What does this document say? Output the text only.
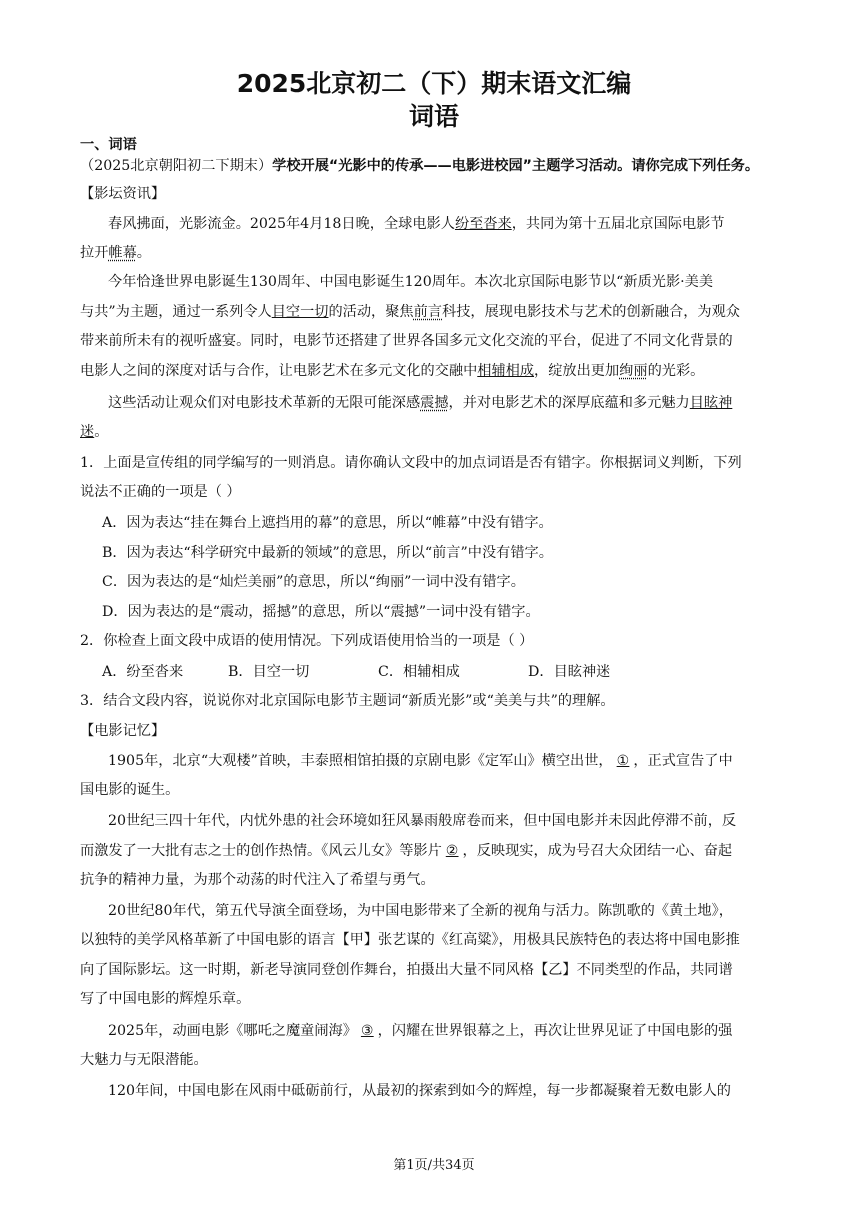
2025北京初二（下）期末语文汇编
词语
一、词语
（2025北京朝阳初二下期末）学校开展“光影中的传承——电影进校园”主题学习活动。请你完成下列任务。
【影坛资讯】
春风拂面，光影流金。2025年4月18日晚，全球电影人纷至沓来，共同为第十五届北京国际电影节
拉开帷幕。
今年恰逢世界电影诞生130周年、中国电影诞生120周年。本次北京国际电影节以“新质光影·美美
与共”为主题，通过一系列令人目空一切的活动，聚焦前言科技，展现电影技术与艺术的创新融合，为观众
带来前所未有的视听盛宴。同时，电影节还搭建了世界各国多元文化交流的平台，促进了不同文化背景的
电影人之间的深度对话与合作，让电影艺术在多元文化的交融中相辅相成，绽放出更加绚丽的光彩。
这些活动让观众们对电影技术革新的无限可能深感震撼，并对电影艺术的深厚底蕴和多元魅力目眩神
迷。
1．上面是宣传组的同学编写的一则消息。请你确认文段中的加点词语是否有错字。你根据词义判断，下列
说法不正确的一项是（ ）
A．因为表达“挂在舞台上遮挡用的幕”的意思，所以“帷幕”中没有错字。
B．因为表达“科学研究中最新的领域”的意思，所以“前言”中没有错字。
C．因为表达的是“灿烂美丽”的意思，所以“绚丽”一词中没有错字。
D．因为表达的是“震动，摇撼”的意思，所以“震撼”一词中没有错字。
2．你检查上面文段中成语的使用情况。下列成语使用恰当的一项是（ ）
A．纷至沓来	B．目空一切	C．相辅相成	D．目眩神迷
3．结合文段内容，说说你对北京国际电影节主题词“新质光影”或“美美与共”的理解。
【电影记忆】
1905年，北京“大观楼”首映，丰泰照相馆拍摄的京剧电影《定军山》横空出世， ① ，正式宣告了中
国电影的诞生。
20世纪三四十年代，内忧外患的社会环境如狂风暴雨般席卷而来，但中国电影并未因此停滞不前，反
而激发了一大批有志之士的创作热情。《风云儿女》等影片 ② ，反映现实，成为号召大众团结一心、奋起
抗争的精神力量，为那个动荡的时代注入了希望与勇气。
20世纪80年代，第五代导演全面登场，为中国电影带来了全新的视角与活力。陈凯歌的《黄土地》，
以独特的美学风格革新了中国电影的语言【甲】张艺谋的《红高粱》，用极具民族特色的表达将中国电影推
向了国际影坛。这一时期，新老导演同登创作舞台，拍摄出大量不同风格【乙】不同类型的作品，共同谱
写了中国电影的辉煌乐章。
2025年，动画电影《哪吒之魔童闹海》 ③ ，闪耀在世界银幕之上，再次让世界见证了中国电影的强
大魅力与无限潜能。
120年间，中国电影在风雨中砥砺前行，从最初的探索到如今的辉煌，每一步都凝聚着无数电影人的
第1页/共34页
